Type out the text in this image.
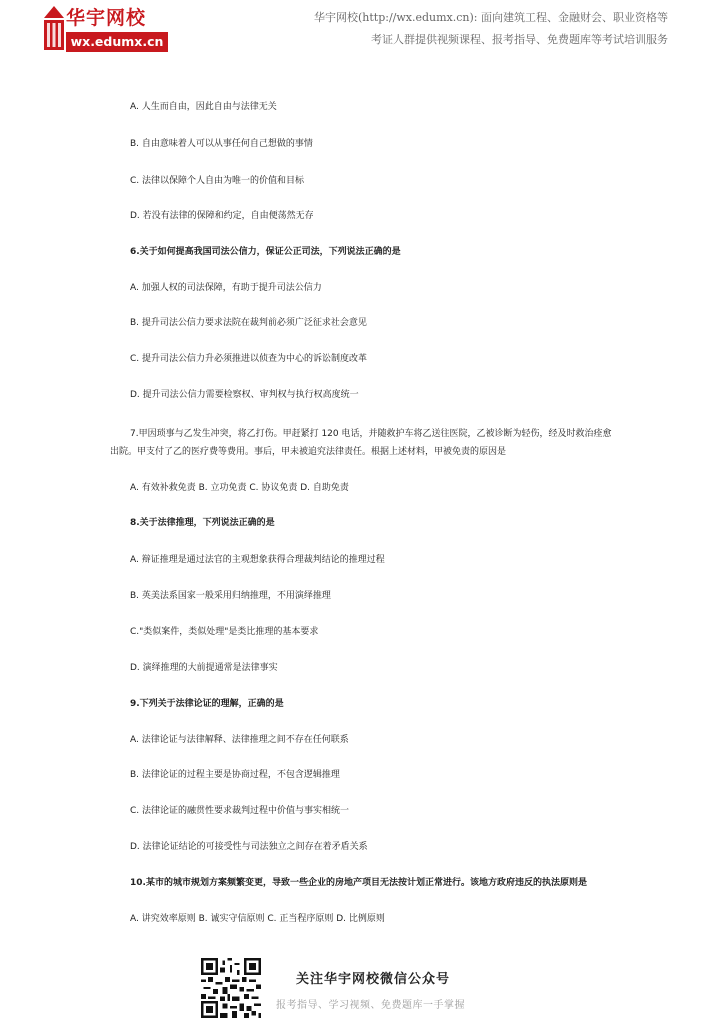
华宇网校
wx.edumx.cn
华宇网校(http://wx.edumx.cn): 面向建筑工程、金融财会、职业资格等
考证人群提供视频课程、报考指导、免费题库等考试培训服务
A. 人生而自由，因此自由与法律无关
B. 自由意味着人可以从事任何自己想做的事情
C. 法律以保障个人自由为唯一的价值和目标
D. 若没有法律的保障和约定，自由便荡然无存
6.关于如何提高我国司法公信力，保证公正司法，下列说法正确的是
A. 加强人权的司法保障，有助于提升司法公信力
B. 提升司法公信力要求法院在裁判前必须广泛征求社会意见
C. 提升司法公信力升必须推进以侦查为中心的诉讼制度改革
D. 提升司法公信力需要检察权、审判权与执行权高度统一
7.甲因琐事与乙发生冲突，将乙打伤。甲赶紧打 120 电话，并随救护车将乙送往医院，乙被诊断为轻伤，经及时救治痊愈出院。甲支付了乙的医疗费等费用。事后，甲未被追究法律责任。根据上述材料，甲被免责的原因是
A. 有效补救免责 B. 立功免责 C. 协议免责 D. 自助免责
8.关于法律推理，下列说法正确的是
A. 辩证推理是通过法官的主观想象获得合理裁判结论的推理过程
B. 英美法系国家一般采用归纳推理，不用演绎推理
C."类似案件，类似处理"是类比推理的基本要求
D. 演绎推理的大前提通常是法律事实
9.下列关于法律论证的理解，正确的是
A. 法律论证与法律解释、法律推理之间不存在任何联系
B. 法律论证的过程主要是协商过程，不包含逻辑推理
C. 法律论证的融贯性要求裁判过程中价值与事实相统一
D. 法律论证结论的可接受性与司法独立之间存在着矛盾关系
10.某市的城市规划方案频繁变更，导致一些企业的房地产项目无法按计划正常进行。该地方政府违反的执法原则是
A. 讲究效率原则 B. 诚实守信原则 C. 正当程序原则 D. 比例原则
关注华宇网校微信公众号
报考指导、学习视频、免费题库一手掌握
